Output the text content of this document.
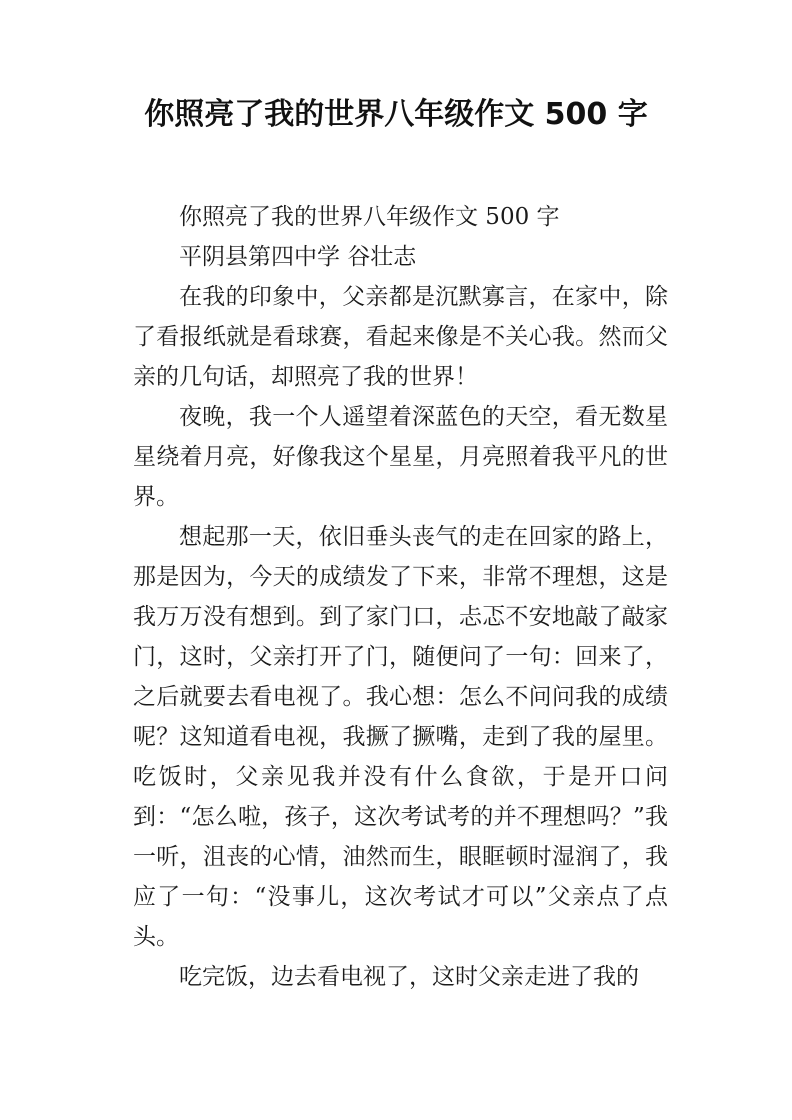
你照亮了我的世界八年级作文 500 字

你照亮了我的世界八年级作文 500 字

平阴县第四中学 谷壮志

在我的印象中，父亲都是沉默寡言，在家中，除了看报纸就是看球赛，看起来像是不关心我。然而父亲的几句话，却照亮了我的世界！

夜晚，我一个人遥望着深蓝色的天空，看无数星星绕着月亮，好像我这个星星，月亮照着我平凡的世界。

想起那一天，依旧垂头丧气的走在回家的路上，那是因为，今天的成绩发了下来，非常不理想，这是我万万没有想到。到了家门口，忐忑不安地敲了敲家门，这时，父亲打开了门，随便问了一句：回来了，之后就要去看电视了。我心想：怎么不问问我的成绩呢？这知道看电视，我撅了撅嘴，走到了我的屋里。吃饭时，父亲见我并没有什么食欲，于是开口问到：“怎么啦，孩子，这次考试考的并不理想吗？”我一听，沮丧的心情，油然而生，眼眶顿时湿润了，我应了一句：“没事儿，这次考试才可以”父亲点了点头。

吃完饭，边去看电视了，这时父亲走进了我的
